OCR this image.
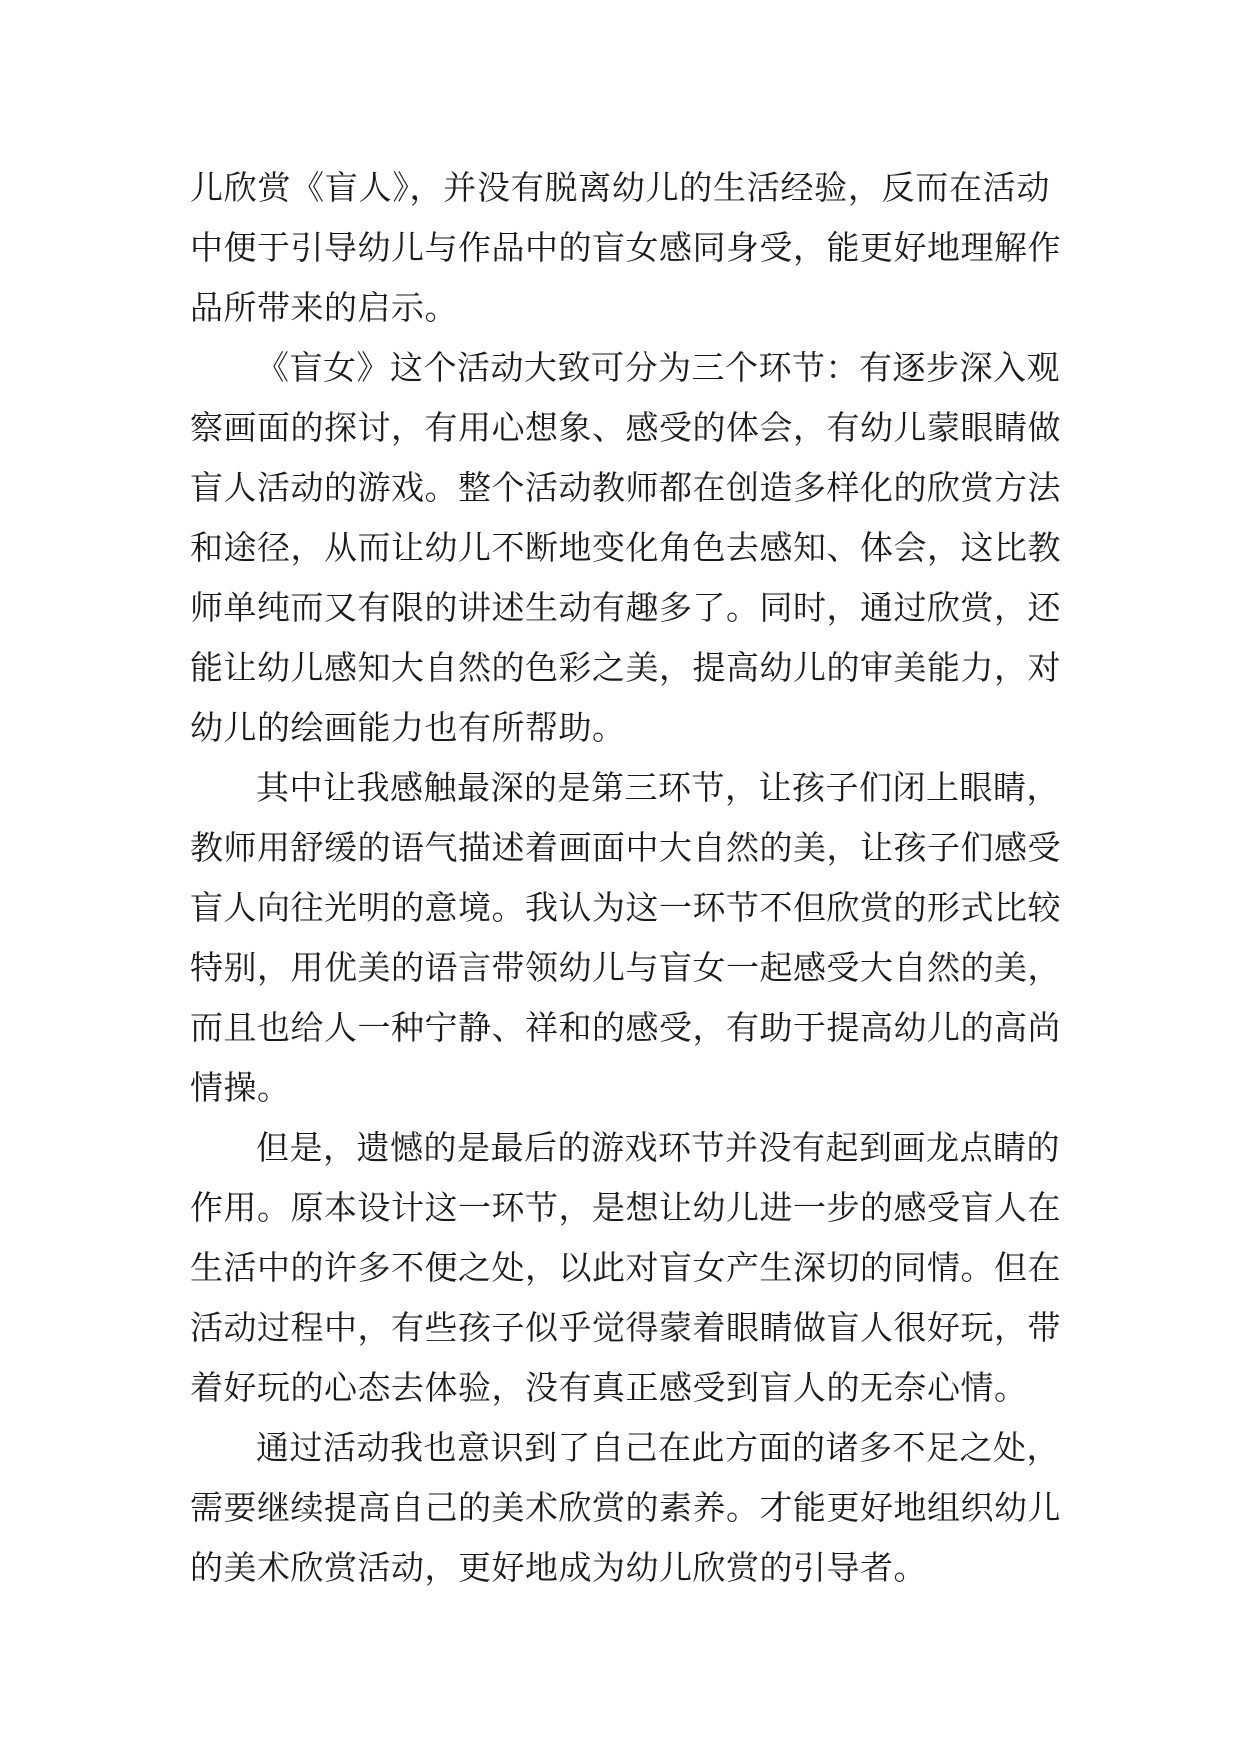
儿欣赏《盲人》，并没有脱离幼儿的生活经验，反而在活动
中便于引导幼儿与作品中的盲女感同身受，能更好地理解作
品所带来的启示。
《盲女》这个活动大致可分为三个环节：有逐步深入观
察画面的探讨，有用心想象、感受的体会，有幼儿蒙眼睛做
盲人活动的游戏。整个活动教师都在创造多样化的欣赏方法
和途径，从而让幼儿不断地变化角色去感知、体会，这比教
师单纯而又有限的讲述生动有趣多了。同时，通过欣赏，还
能让幼儿感知大自然的色彩之美，提高幼儿的审美能力，对
幼儿的绘画能力也有所帮助。
其中让我感触最深的是第三环节，让孩子们闭上眼睛，
教师用舒缓的语气描述着画面中大自然的美，让孩子们感受
盲人向往光明的意境。我认为这一环节不但欣赏的形式比较
特别，用优美的语言带领幼儿与盲女一起感受大自然的美，
而且也给人一种宁静、祥和的感受，有助于提高幼儿的高尚
情操。
但是，遗憾的是最后的游戏环节并没有起到画龙点睛的
作用。原本设计这一环节，是想让幼儿进一步的感受盲人在
生活中的许多不便之处，以此对盲女产生深切的同情。但在
活动过程中，有些孩子似乎觉得蒙着眼睛做盲人很好玩，带
着好玩的心态去体验，没有真正感受到盲人的无奈心情。
通过活动我也意识到了自己在此方面的诸多不足之处，
需要继续提高自己的美术欣赏的素养。才能更好地组织幼儿
的美术欣赏活动，更好地成为幼儿欣赏的引导者。
